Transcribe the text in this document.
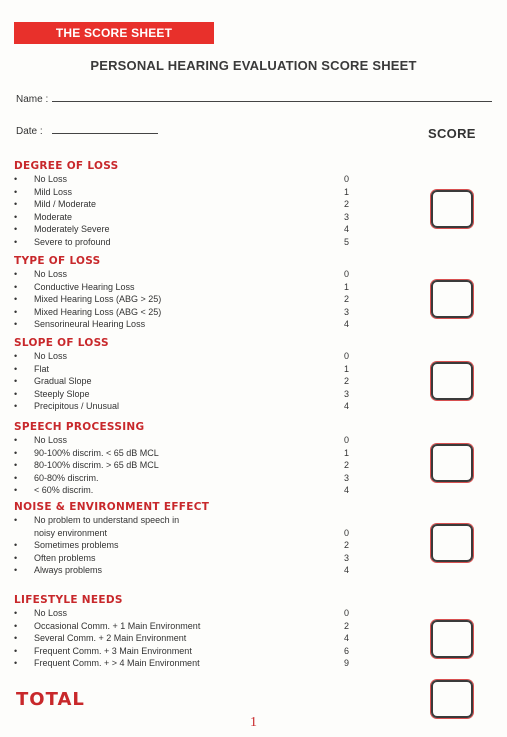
THE SCORE SHEET
PERSONAL HEARING EVALUATION SCORE SHEET
Name :
Date :	SCORE
DEGREE OF LOSS
• No Loss	0
• Mild Loss	1
• Mild / Moderate	2
• Moderate	3
• Moderately Severe	4
• Severe to profound	5
TYPE OF LOSS
• No Loss	0
• Conductive Hearing Loss	1
• Mixed Hearing Loss (ABG > 25)	2
• Mixed Hearing Loss (ABG < 25)	3
• Sensorineural Hearing Loss	4
SLOPE OF LOSS
• No Loss	0
• Flat	1
• Gradual Slope	2
• Steeply Slope	3
• Precipitous / Unusual	4
SPEECH PROCESSING
• No Loss	0
• 90-100% discrim. < 65 dB MCL	1
• 80-100% discrim. > 65 dB MCL	2
• 60-80% discrim.	3
• < 60% discrim.	4
NOISE & ENVIRONMENT EFFECT
• No problem to understand speech in
noisy environment	0
• Sometimes problems	2
• Often problems	3
• Always problems	4
LIFESTYLE NEEDS
• No Loss	0
• Occasional Comm. + 1 Main Environment	2
• Several Comm. + 2 Main Environment	4
• Frequent Comm. + 3 Main Environment	6
• Frequent Comm. + > 4 Main Environment	9
TOTAL
1
